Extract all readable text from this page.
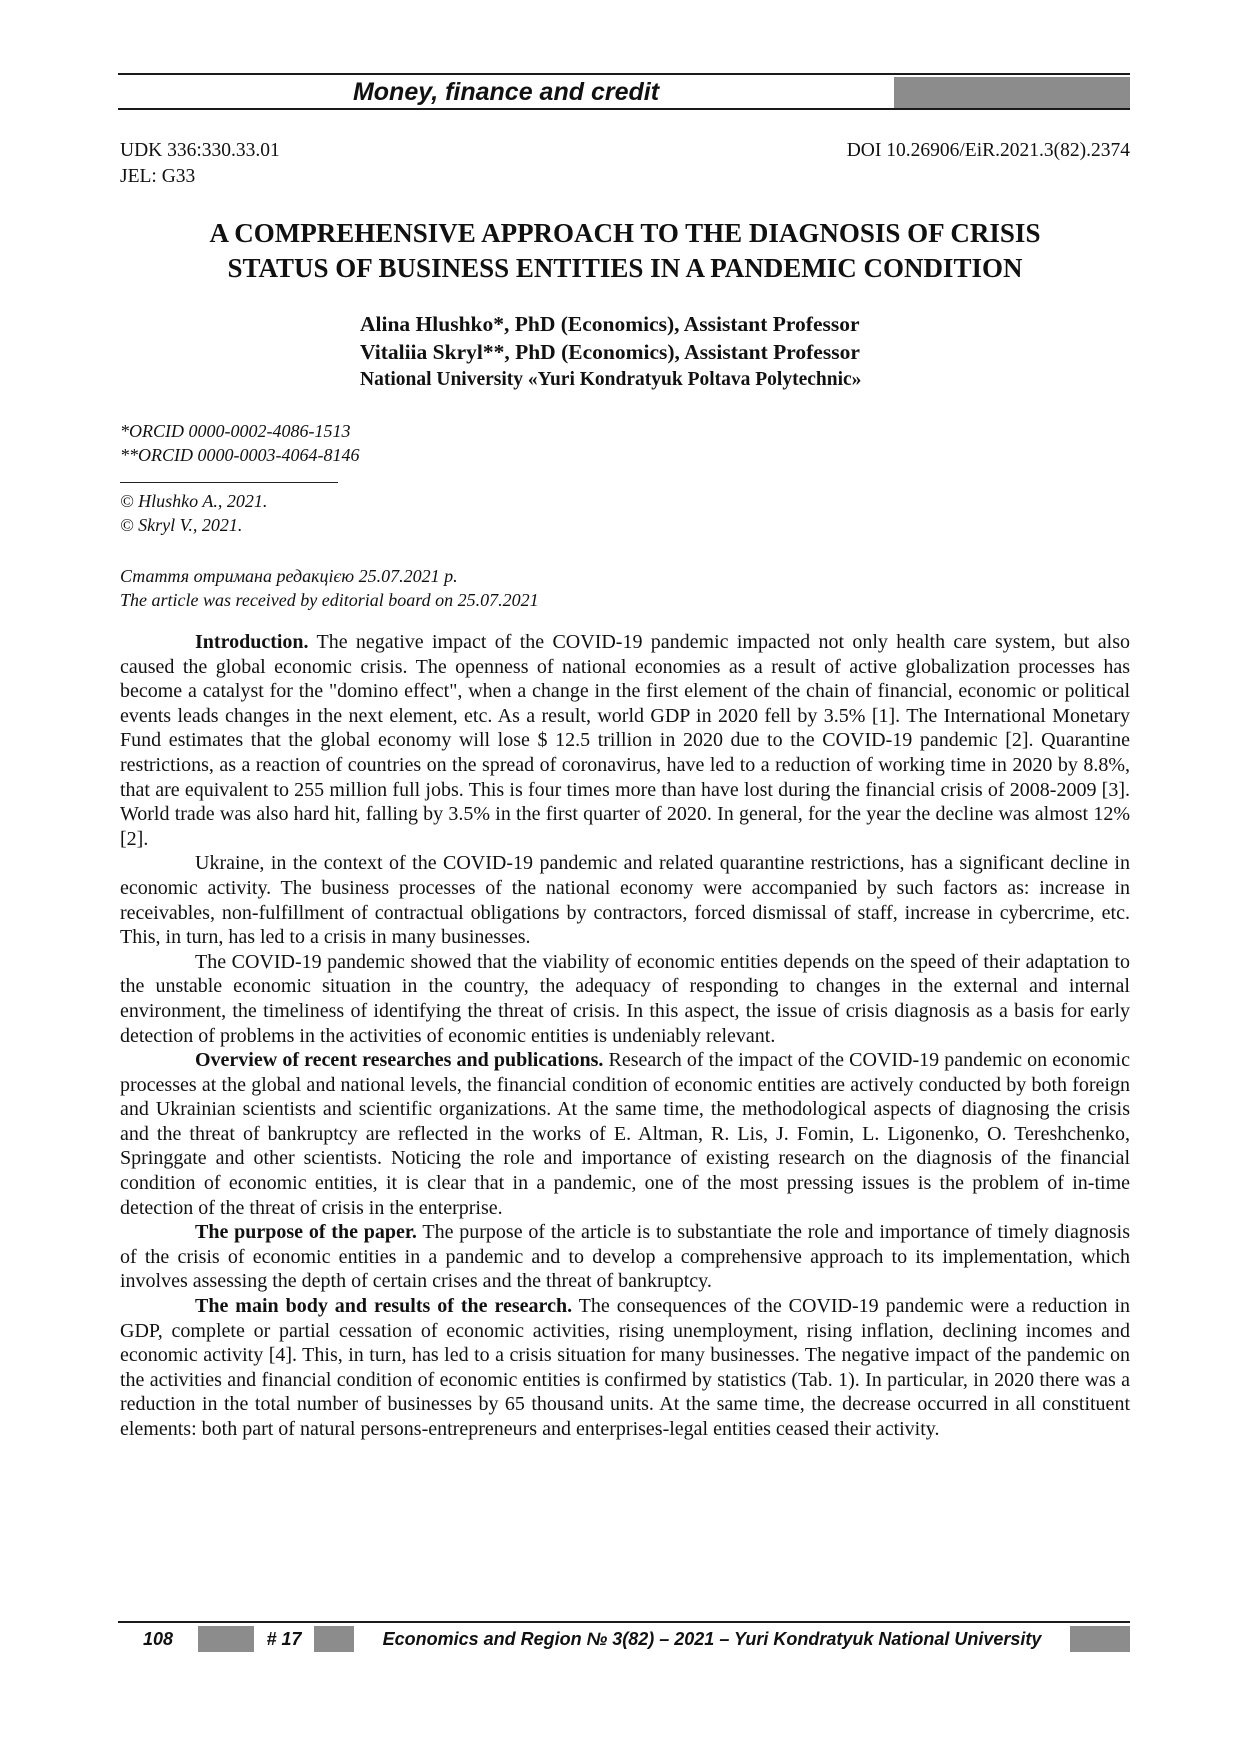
Money, finance and credit
UDK 336:330.33.01
JEL: G33
DOI 10.26906/EiR.2021.3(82).2374
A COMPREHENSIVE APPROACH TO THE DIAGNOSIS OF CRISIS
STATUS OF BUSINESS ENTITIES IN A PANDEMIC CONDITION
Alina Hlushko*, PhD (Economics), Assistant Professor
Vitaliia Skryl**, PhD (Economics), Assistant Professor
National University «Yuri Kondratyuk Poltava Polytechnic»
*ORCID 0000-0002-4086-1513
**ORCID 0000-0003-4064-8146
© Hlushko A., 2021.
© Skryl V., 2021.
Стаття отримана редакцією 25.07.2021 р.
The article was received by editorial board on 25.07.2021

Introduction. The negative impact of the COVID-19 pandemic impacted not only health care system, but also caused the global economic crisis. The openness of national economies as a result of active globalization processes has become a catalyst for the "domino effect", when a change in the first element of the chain of financial, economic or political events leads changes in the next element, etc. As a result, world GDP in 2020 fell by 3.5% [1]. The International Monetary Fund estimates that the global economy will lose $ 12.5 trillion in 2020 due to the COVID-19 pandemic [2]. Quarantine restrictions, as a reaction of countries on the spread of coronavirus, have led to a reduction of working time in 2020 by 8.8%, that are equivalent to 255 million full jobs. This is four times more than have lost during the financial crisis of 2008-2009 [3]. World trade was also hard hit, falling by 3.5% in the first quarter of 2020. In general, for the year the decline was almost 12% [2].

Ukraine, in the context of the COVID-19 pandemic and related quarantine restrictions, has a significant decline in economic activity. The business processes of the national economy were accompanied by such factors as: increase in receivables, non-fulfillment of contractual obligations by contractors, forced dismissal of staff, increase in cybercrime, etc. This, in turn, has led to a crisis in many businesses.

The COVID-19 pandemic showed that the viability of economic entities depends on the speed of their adaptation to the unstable economic situation in the country, the adequacy of responding to changes in the external and internal environment, the timeliness of identifying the threat of crisis. In this aspect, the issue of crisis diagnosis as a basis for early detection of problems in the activities of economic entities is undeniably relevant.

Overview of recent researches and publications. Research of the impact of the COVID-19 pandemic on economic processes at the global and national levels, the financial condition of economic entities are actively conducted by both foreign and Ukrainian scientists and scientific organizations. At the same time, the methodological aspects of diagnosing the crisis and the threat of bankruptcy are reflected in the works of E. Altman, R. Lis, J. Fomin, L. Ligonenko, O. Tereshchenko, Springgate and other scientists. Noticing the role and importance of existing research on the diagnosis of the financial condition of economic entities, it is clear that in a pandemic, one of the most pressing issues is the problem of in-time detection of the threat of crisis in the enterprise.

The purpose of the paper. The purpose of the article is to substantiate the role and importance of timely diagnosis of the crisis of economic entities in a pandemic and to develop a comprehensive approach to its implementation, which involves assessing the depth of certain crises and the threat of bankruptcy.

The main body and results of the research. The consequences of the COVID-19 pandemic were a reduction in GDP, complete or partial cessation of economic activities, rising unemployment, rising inflation, declining incomes and economic activity [4]. This, in turn, has led to a crisis situation for many businesses. The negative impact of the pandemic on the activities and financial condition of economic entities is confirmed by statistics (Tab. 1). In particular, in 2020 there was a reduction in the total number of businesses by 65 thousand units. At the same time, the decrease occurred in all constituent elements: both part of natural persons-entrepreneurs and enterprises-legal entities ceased their activity.

108	# 17	Economics and Region № 3(82) – 2021 – Yuri Kondratyuk National University
